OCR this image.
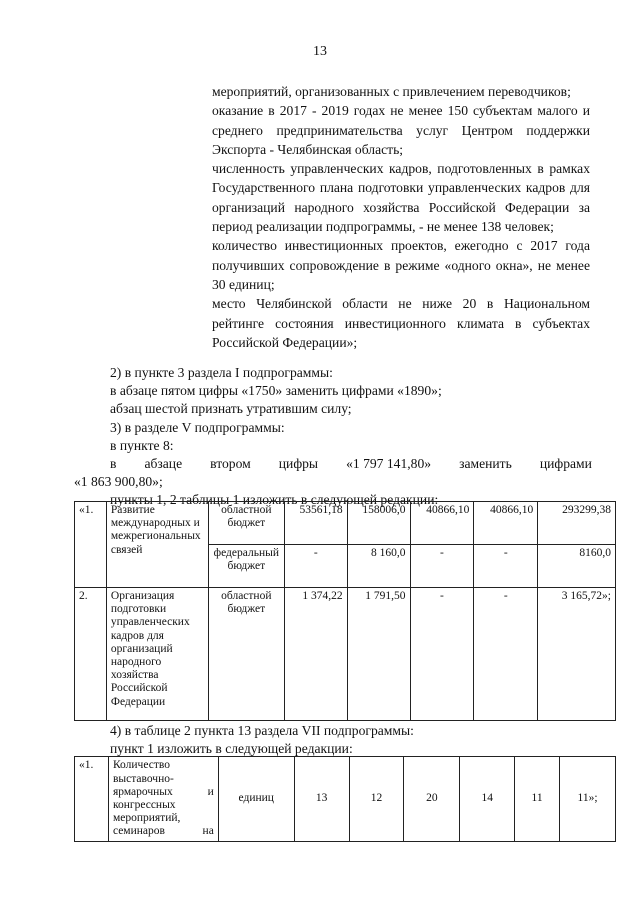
13

мероприятий, организованных с привлечением переводчиков;

оказание в 2017 - 2019 годах не менее 150 субъектам малого и среднего предпринимательства услуг Центром поддержки Экспорта - Челябинская область;

численность управленческих кадров, подготовленных в рамках Государственного плана подготовки управленческих кадров для организаций народного хозяйства Российской Федерации за период реализации подпрограммы, - не менее 138 человек;

количество инвестиционных проектов, ежегодно с 2017 года получивших сопровождение в режиме «одного окна», не менее 30 единиц;

место Челябинской области не ниже 20 в Национальном рейтинге состояния инвестиционного климата в субъектах Российской Федерации»;

2) в пункте 3 раздела I подпрограммы:

в абзаце пятом цифры «1750» заменить цифрами «1890»;

абзац шестой признать утратившим силу;

3) в разделе V подпрограммы:

в пункте 8:

в абзаце втором цифры «1 797 141,80» заменить цифрами

«1 863 900,80»;

пункты 1, 2 таблицы 1 изложить в следующей редакции:

«1.	Развитие международных и межрегиональных связей	областной бюджет	53561,18	158006,0	40866,10	40866,10	293299,38
		федеральный бюджет	-	8 160,0	-	-	8160,0
2.	Организация подготовки управленческих кадров для организаций народного хозяйства Российской Федерации	областной бюджет	1 374,22	1 791,50	-	-	3 165,72»;

4) в таблице 2 пункта 13 раздела VII подпрограммы:

пункт 1 изложить в следующей редакции:

«1.	Количество выставочно-ярмарочных и конгрессных мероприятий, семинаров на	единиц	13	12	20	14	11	11»;
